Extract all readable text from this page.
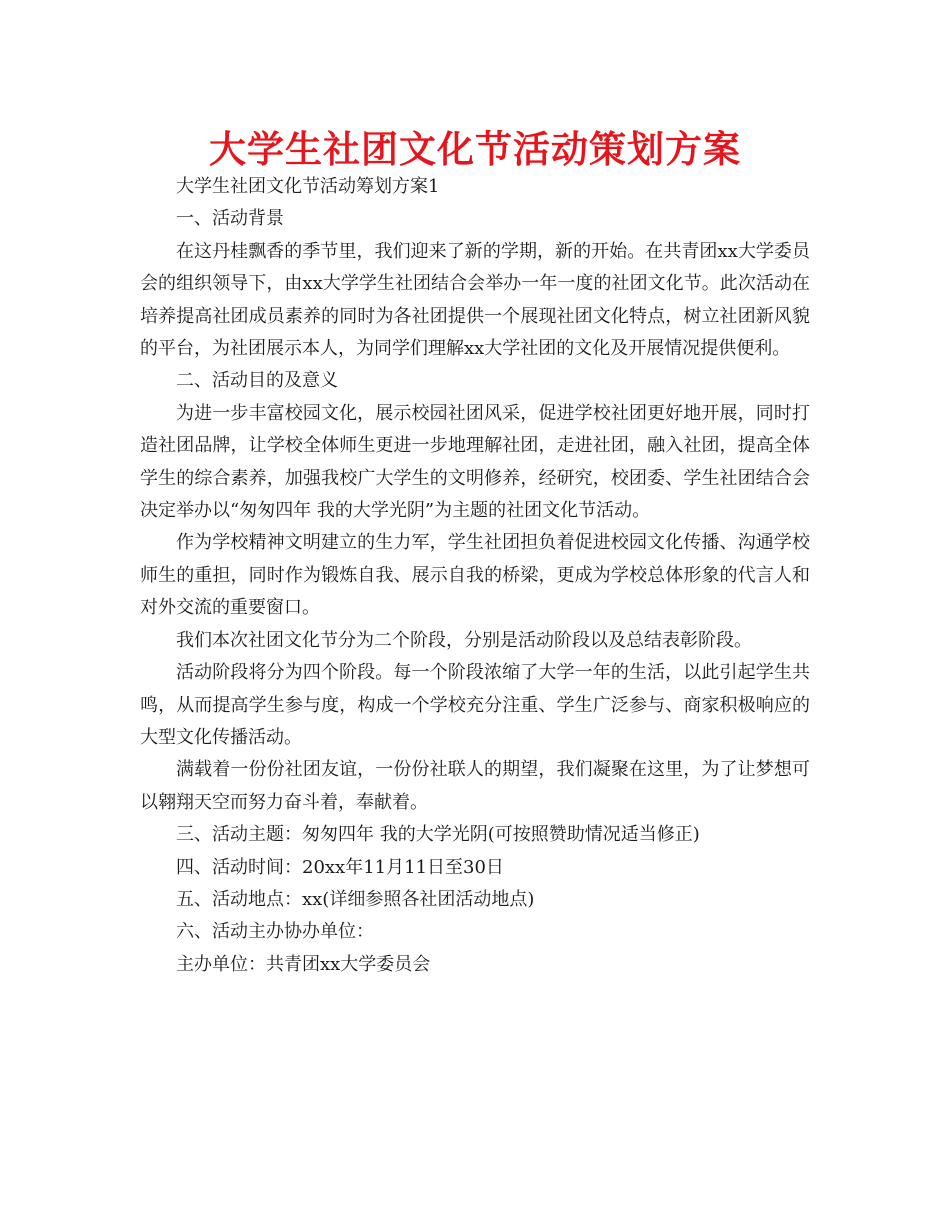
大学生社团文化节活动策划方案

大学生社团文化节活动筹划方案1

一、活动背景

在这丹桂飘香的季节里，我们迎来了新的学期，新的开始。在共青团xx大学委员会的组织领导下，由xx大学学生社团结合会举办一年一度的社团文化节。此次活动在培养提高社团成员素养的同时为各社团提供一个展现社团文化特点，树立社团新风貌的平台，为社团展示本人，为同学们理解xx大学社团的文化及开展情况提供便利。

二、活动目的及意义

为进一步丰富校园文化，展示校园社团风采，促进学校社团更好地开展，同时打造社团品牌，让学校全体师生更进一步地理解社团，走进社团，融入社团，提高全体学生的综合素养，加强我校广大学生的文明修养，经研究，校团委、学生社团结合会决定举办以“匆匆四年 我的大学光阴”为主题的社团文化节活动。

作为学校精神文明建立的生力军，学生社团担负着促进校园文化传播、沟通学校师生的重担，同时作为锻炼自我、展示自我的桥梁，更成为学校总体形象的代言人和对外交流的重要窗口。

我们本次社团文化节分为二个阶段，分别是活动阶段以及总结表彰阶段。

活动阶段将分为四个阶段。每一个阶段浓缩了大学一年的生活，以此引起学生共鸣，从而提高学生参与度，构成一个学校充分注重、学生广泛参与、商家积极响应的大型文化传播活动。

满载着一份份社团友谊，一份份社联人的期望，我们凝聚在这里，为了让梦想可以翱翔天空而努力奋斗着，奉献着。

三、活动主题：匆匆四年 我的大学光阴(可按照赞助情况适当修正)

四、活动时间：20xx年11月11日至30日

五、活动地点：xx(详细参照各社团活动地点)

六、活动主办协办单位：

主办单位：共青团xx大学委员会
